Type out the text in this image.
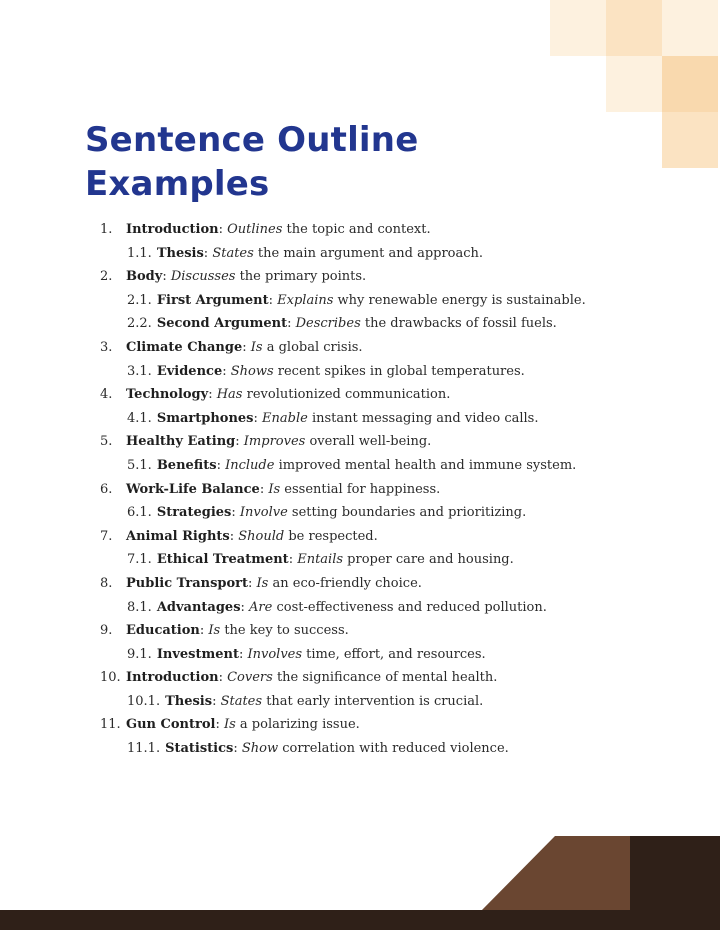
Sentence Outline
Examples
1.	Introduction: Outlines the topic and context.
1.1. Thesis: States the main argument and approach.
2.	Body: Discusses the primary points.
2.1. First Argument: Explains why renewable energy is sustainable.
2.2. Second Argument: Describes the drawbacks of fossil fuels.
3.	Climate Change: Is a global crisis.
3.1. Evidence: Shows recent spikes in global temperatures.
4.	Technology: Has revolutionized communication.
4.1. Smartphones: Enable instant messaging and video calls.
5.	Healthy Eating: Improves overall well-being.
5.1. Benefits: Include improved mental health and immune system.
6.	Work-Life Balance: Is essential for happiness.
6.1. Strategies: Involve setting boundaries and prioritizing.
7.	Animal Rights: Should be respected.
7.1. Ethical Treatment: Entails proper care and housing.
8.	Public Transport: Is an eco-friendly choice.
8.1. Advantages: Are cost-effectiveness and reduced pollution.
9.	Education: Is the key to success.
9.1. Investment: Involves time, effort, and resources.
10. Introduction: Covers the significance of mental health.
10.1. Thesis: States that early intervention is crucial.
11. Gun Control: Is a polarizing issue.
11.1. Statistics: Show correlation with reduced violence.
